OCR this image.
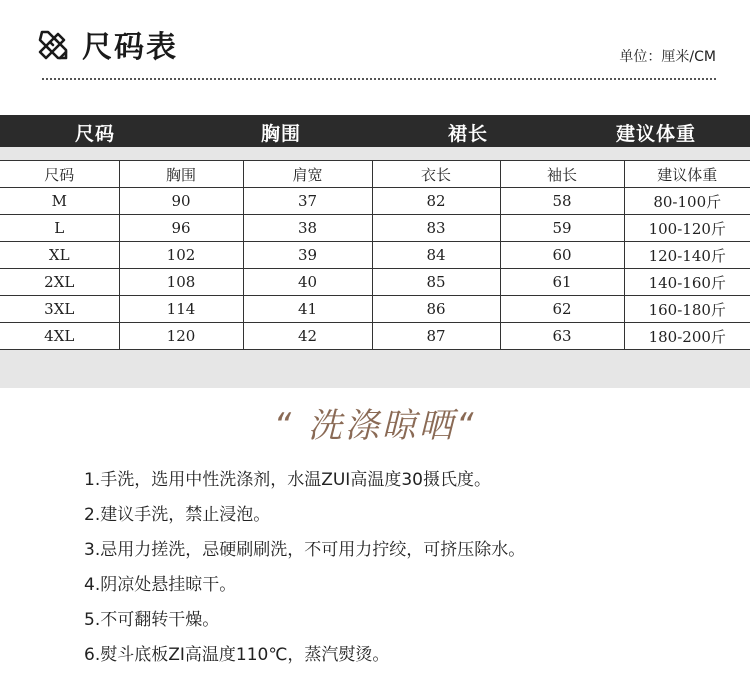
尺码表	单位：厘米/CM
尺码	胸围	裙长	建议体重
尺码	胸围	肩宽	衣长	袖长	建议体重
M	90	37	82	58	80-100斤
L	96	38	83	59	100-120斤
XL	102	39	84	60	120-140斤
2XL	108	40	85	61	140-160斤
3XL	114	41	86	62	160-180斤
4XL	120	42	87	63	180-200斤
“ 洗涤晾晒“
1.手洗，选用中性洗涤剂，水温ZUI高温度30摄氏度。
2.建议手洗，禁止浸泡。
3.忌用力搓洗，忌硬刷刷洗，不可用力拧绞，可挤压除水。
4.阴凉处悬挂晾干。
5.不可翻转干燥。
6.熨斗底板ZI高温度110℃，蒸汽熨烫。
